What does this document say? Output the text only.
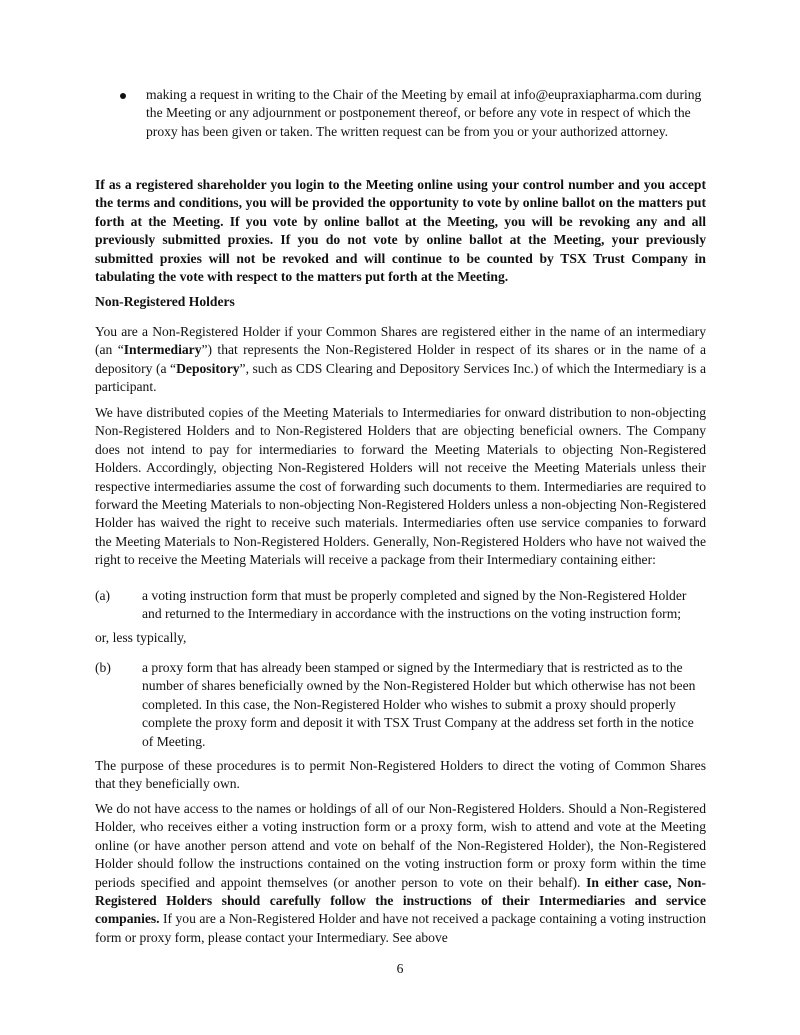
making a request in writing to the Chair of the Meeting by email at info@eupraxiapharma.com during the Meeting or any adjournment or postponement thereof, or before any vote in respect of which the proxy has been given or taken. The written request can be from you or your authorized attorney.

If as a registered shareholder you login to the Meeting online using your control number and you accept the terms and conditions, you will be provided the opportunity to vote by online ballot on the matters put forth at the Meeting. If you vote by online ballot at the Meeting, you will be revoking any and all previously submitted proxies. If you do not vote by online ballot at the Meeting, your previously submitted proxies will not be revoked and will continue to be counted by TSX Trust Company in tabulating the vote with respect to the matters put forth at the Meeting.

Non-Registered Holders

You are a Non-Registered Holder if your Common Shares are registered either in the name of an intermediary (an “Intermediary”) that represents the Non-Registered Holder in respect of its shares or in the name of a depository (a “Depository”, such as CDS Clearing and Depository Services Inc.) of which the Intermediary is a participant.

We have distributed copies of the Meeting Materials to Intermediaries for onward distribution to non-objecting Non-Registered Holders and to Non-Registered Holders that are objecting beneficial owners. The Company does not intend to pay for intermediaries to forward the Meeting Materials to objecting Non-Registered Holders. Accordingly, objecting Non-Registered Holders will not receive the Meeting Materials unless their respective intermediaries assume the cost of forwarding such documents to them. Intermediaries are required to forward the Meeting Materials to non-objecting Non-Registered Holders unless a non-objecting Non-Registered Holder has waived the right to receive such materials. Intermediaries often use service companies to forward the Meeting Materials to Non-Registered Holders. Generally, Non-Registered Holders who have not waived the right to receive the Meeting Materials will receive a package from their Intermediary containing either:

(a) a voting instruction form that must be properly completed and signed by the Non-Registered Holder and returned to the Intermediary in accordance with the instructions on the voting instruction form;

or, less typically,

(b) a proxy form that has already been stamped or signed by the Intermediary that is restricted as to the number of shares beneficially owned by the Non-Registered Holder but which otherwise has not been completed. In this case, the Non-Registered Holder who wishes to submit a proxy should properly complete the proxy form and deposit it with TSX Trust Company at the address set forth in the notice of Meeting.

The purpose of these procedures is to permit Non-Registered Holders to direct the voting of Common Shares that they beneficially own.

We do not have access to the names or holdings of all of our Non-Registered Holders. Should a Non-Registered Holder, who receives either a voting instruction form or a proxy form, wish to attend and vote at the Meeting online (or have another person attend and vote on behalf of the Non-Registered Holder), the Non-Registered Holder should follow the instructions contained on the voting instruction form or proxy form within the time periods specified and appoint themselves (or another person to vote on their behalf). In either case, Non-Registered Holders should carefully follow the instructions of their Intermediaries and service companies. If you are a Non-Registered Holder and have not received a package containing a voting instruction form or proxy form, please contact your Intermediary. See above

6
